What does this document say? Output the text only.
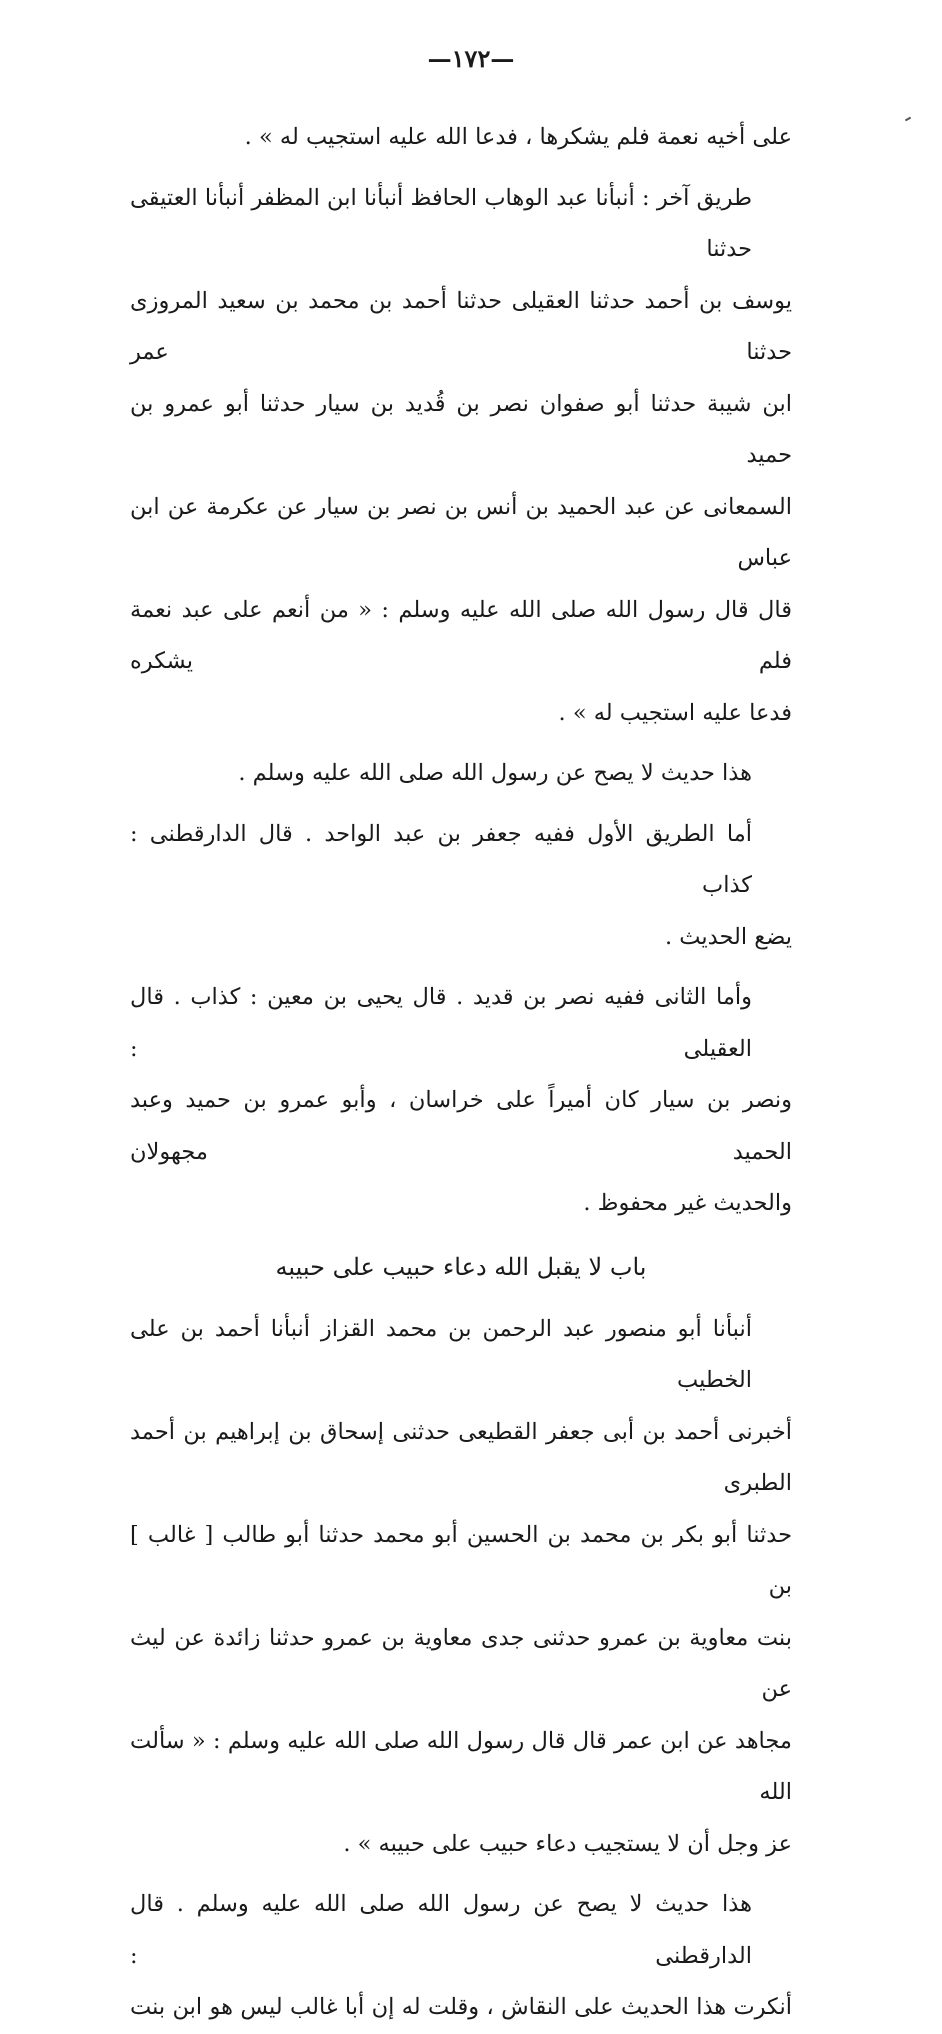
—١٧٢—

على أخيه نعمة فلم يشكرها ، فدعا الله عليه استجيب له » .

طريق آخر : أنبأنا عبد الوهاب الحافظ أنبأنا ابن المظفر أنبأنا العتيقى حدثنا
يوسف بن أحمد حدثنا العقيلى حدثنا أحمد بن محمد بن سعيد المروزى حدثنا عمر
ابن شيبة حدثنا أبو صفوان نصر بن قُديد بن سيار حدثنا أبو عمرو بن حميد
السمعانى عن عبد الحميد بن أنس بن نصر بن سيار عن عكرمة عن ابن عباس
قال قال رسول الله صلى الله عليه وسلم : « من أنعم على عبد نعمة فلم يشكره
فدعا عليه استجيب له » .

هذا حديث لا يصح عن رسول الله صلى الله عليه وسلم .

أما الطريق الأول ففيه جعفر بن عبد الواحد . قال الدارقطنى : كذاب
يضع الحديث .

وأما الثانى ففيه نصر بن قديد . قال يحيى بن معين : كذاب . قال العقيلى :
ونصر بن سيار كان أميراً على خراسان ، وأبو عمرو بن حميد وعبد الحميد مجهولان
والحديث غير محفوظ .

باب لا يقبل الله دعاء حبيب على حبيبه

أنبأنا أبو منصور عبد الرحمن بن محمد القزاز أنبأنا أحمد بن على الخطيب
أخبرنى أحمد بن أبى جعفر القطيعى حدثنى إسحاق بن إبراهيم بن أحمد الطبرى
حدثنا أبو بكر بن محمد بن الحسين أبو محمد حدثنا أبو طالب [ غالب ] بن
بنت معاوية بن عمرو حدثنى جدى معاوية بن عمرو حدثنا زائدة عن ليث عن
مجاهد عن ابن عمر قال قال رسول الله صلى الله عليه وسلم : « سألت الله
عز وجل أن لا يستجيب دعاء حبيب على حبيبه » .

هذا حديث لا يصح عن رسول الله صلى الله عليه وسلم . قال الدارقطنى :
أنكرت هذا الحديث على النقاش ، وقلت له إن أبا غالب ليس هو ابن بنت
